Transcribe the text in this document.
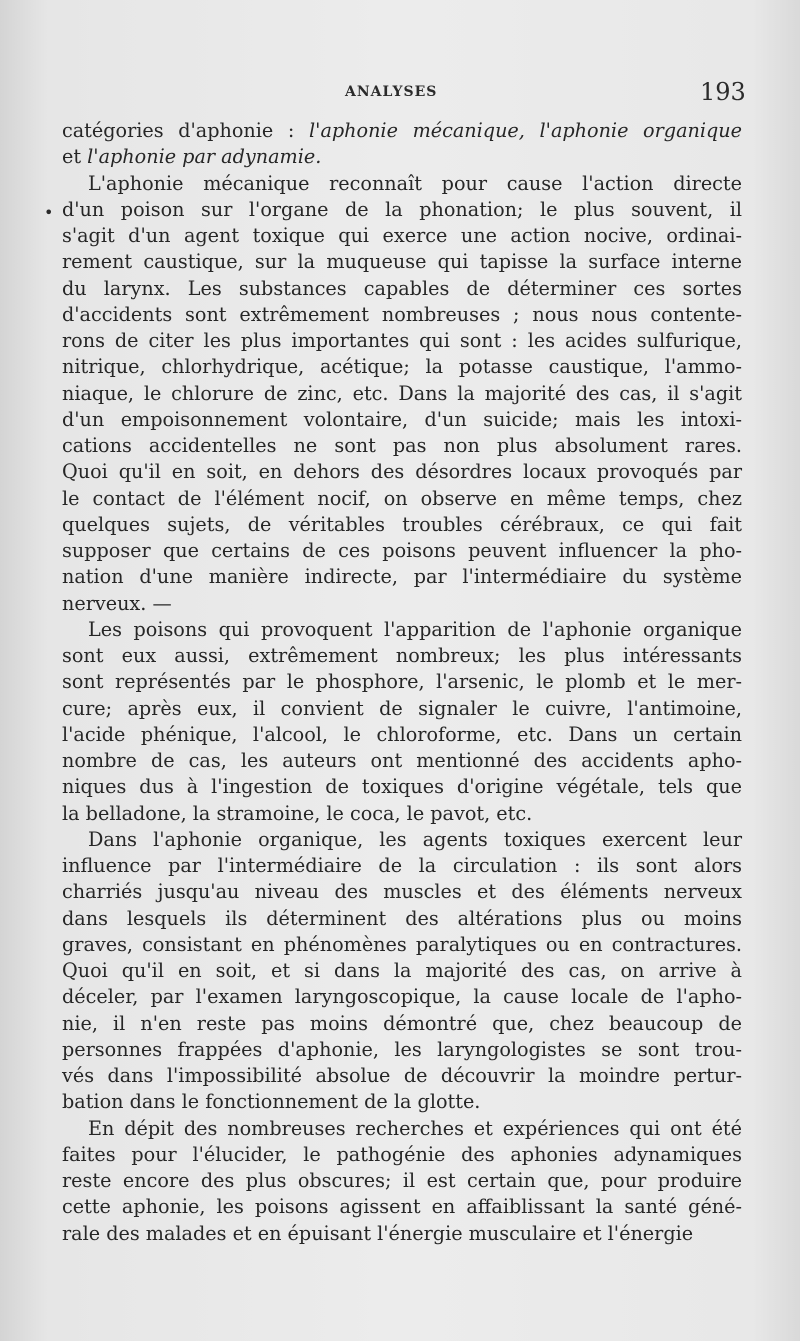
ANALYSES	193
•
catégories d'aphonie : l'aphonie mécanique, l'aphonie organique
et l'aphonie par adynamie.
L'aphonie mécanique reconnaît pour cause l'action directe
d'un poison sur l'organe de la phonation; le plus souvent, il
s'agit d'un agent toxique qui exerce une action nocive, ordinai-
rement caustique, sur la muqueuse qui tapisse la surface interne
du larynx. Les substances capables de déterminer ces sortes
d'accidents sont extrêmement nombreuses ; nous nous contente-
rons de citer les plus importantes qui sont : les acides sulfurique,
nitrique, chlorhydrique, acétique; la potasse caustique, l'ammo-
niaque, le chlorure de zinc, etc. Dans la majorité des cas, il s'agit
d'un empoisonnement volontaire, d'un suicide; mais les intoxi-
cations accidentelles ne sont pas non plus absolument rares.
Quoi qu'il en soit, en dehors des désordres locaux provoqués par
le contact de l'élément nocif, on observe en même temps, chez
quelques sujets, de véritables troubles cérébraux, ce qui fait
supposer que certains de ces poisons peuvent influencer la pho-
nation d'une manière indirecte, par l'intermédiaire du système
nerveux. —
Les poisons qui provoquent l'apparition de l'aphonie organique
sont eux aussi, extrêmement nombreux; les plus intéressants
sont représentés par le phosphore, l'arsenic, le plomb et le mer-
cure; après eux, il convient de signaler le cuivre, l'antimoine,
l'acide phénique, l'alcool, le chloroforme, etc. Dans un certain
nombre de cas, les auteurs ont mentionné des accidents apho-
niques dus à l'ingestion de toxiques d'origine végétale, tels que
la belladone, la stramoine, le coca, le pavot, etc.
Dans l'aphonie organique, les agents toxiques exercent leur
influence par l'intermédiaire de la circulation : ils sont alors
charriés jusqu'au niveau des muscles et des éléments nerveux
dans lesquels ils déterminent des altérations plus ou moins
graves, consistant en phénomènes paralytiques ou en contractures.
Quoi qu'il en soit, et si dans la majorité des cas, on arrive à
déceler, par l'examen laryngoscopique, la cause locale de l'apho-
nie, il n'en reste pas moins démontré que, chez beaucoup de
personnes frappées d'aphonie, les laryngologistes se sont trou-
vés dans l'impossibilité absolue de découvrir la moindre pertur-
bation dans le fonctionnement de la glotte.
En dépit des nombreuses recherches et expériences qui ont été
faites pour l'élucider, le pathogénie des aphonies adynamiques
reste encore des plus obscures; il est certain que, pour produire
cette aphonie, les poisons agissent en affaiblissant la santé géné-
rale des malades et en épuisant l'énergie musculaire et l'énergie
